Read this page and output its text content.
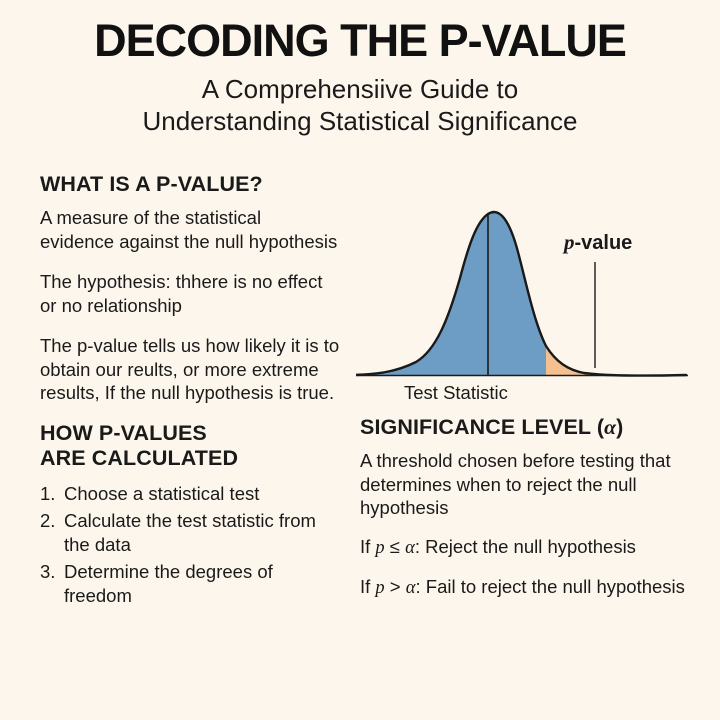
DECODING THE P-VALUE
A Comprehensiive Guide to
Understanding Statistical Significance
WHAT IS A P-VALUE?

A measure of the statistical evidence against the null hypothesis

The hypothesis: thhere is no effect or no relationship

The p-value tells us how likely it is to obtain our reults, or more extreme results, If the null hypothesis is true.

HOW P-VALUES
ARE CALCULATED
1. Choose a statistical test
2. Calculate the test statistic from the data
3. Determine the degrees of freedom
p-value
Test Statistic
SIGNIFICANCE LEVEL (α)

A threshold chosen before testing that determines when to reject the null hypothesis

If p ≤ α: Reject the null hypothesis

If p > α: Fail to reject the null hypothesis
